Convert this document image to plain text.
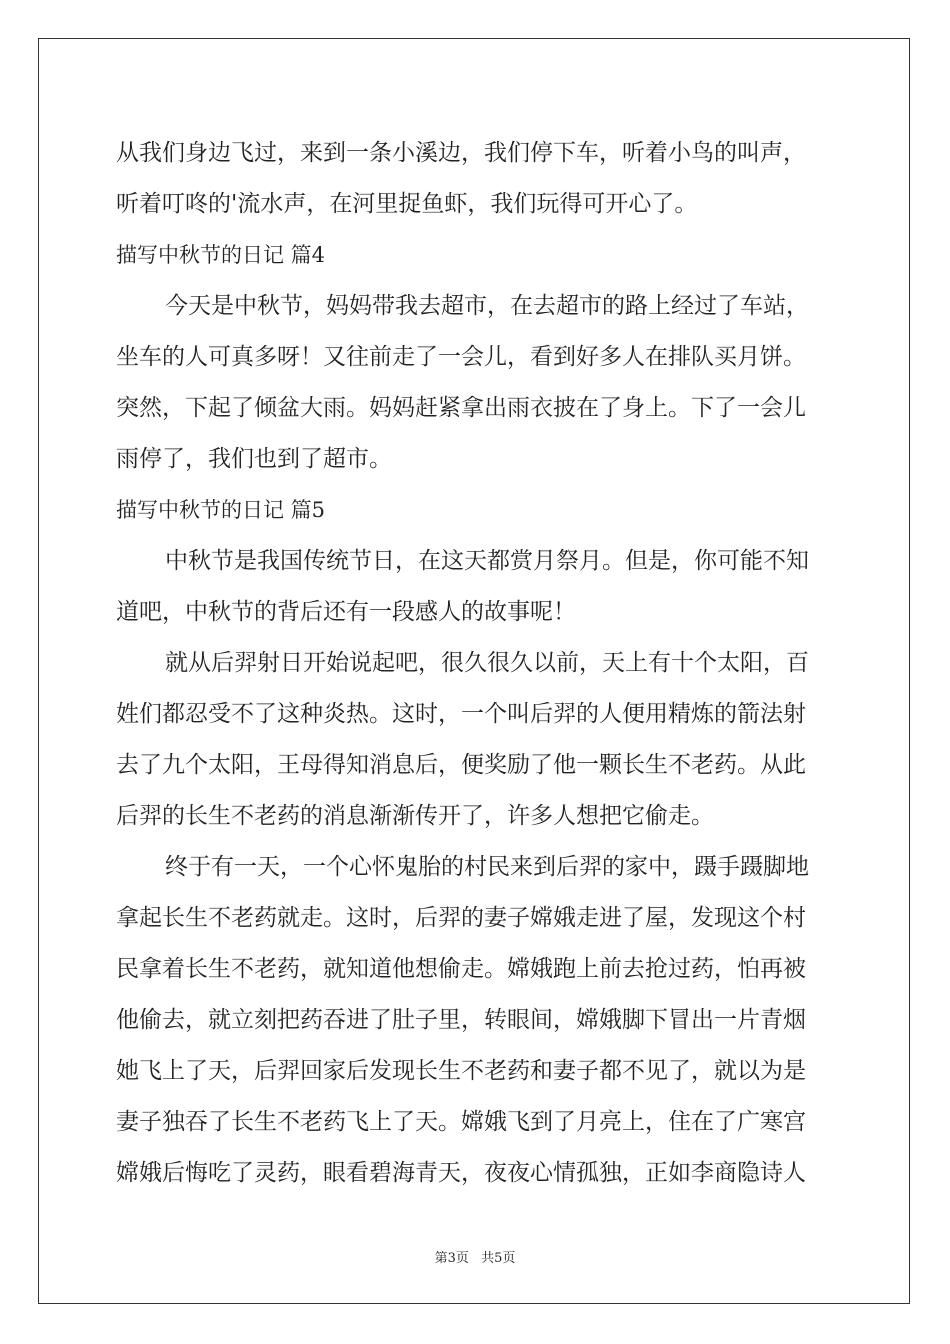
从我们身边飞过，来到一条小溪边，我们停下车，听着小鸟的叫声，
听着叮咚的'流水声，在河里捉鱼虾，我们玩得可开心了。
描写中秋节的日记 篇4
今天是中秋节，妈妈带我去超市，在去超市的路上经过了车站，
坐车的人可真多呀！又往前走了一会儿，看到好多人在排队买月饼。
突然，下起了倾盆大雨。妈妈赶紧拿出雨衣披在了身上。下了一会儿
雨停了，我们也到了超市。
描写中秋节的日记 篇5
中秋节是我国传统节日，在这天都赏月祭月。但是，你可能不知
道吧，中秋节的背后还有一段感人的故事呢！
就从后羿射日开始说起吧，很久很久以前，天上有十个太阳，百
姓们都忍受不了这种炎热。这时，一个叫后羿的人便用精炼的箭法射
去了九个太阳，王母得知消息后，便奖励了他一颗长生不老药。从此
后羿的长生不老药的消息渐渐传开了，许多人想把它偷走。
终于有一天，一个心怀鬼胎的村民来到后羿的家中，蹑手蹑脚地
拿起长生不老药就走。这时，后羿的妻子嫦娥走进了屋，发现这个村
民拿着长生不老药，就知道他想偷走。嫦娥跑上前去抢过药，怕再被
他偷去，就立刻把药吞进了肚子里，转眼间，嫦娥脚下冒出一片青烟
她飞上了天，后羿回家后发现长生不老药和妻子都不见了，就以为是
妻子独吞了长生不老药飞上了天。嫦娥飞到了月亮上，住在了广寒宫
嫦娥后悔吃了灵药，眼看碧海青天，夜夜心情孤独，正如李商隐诗人
第3页 共5页
